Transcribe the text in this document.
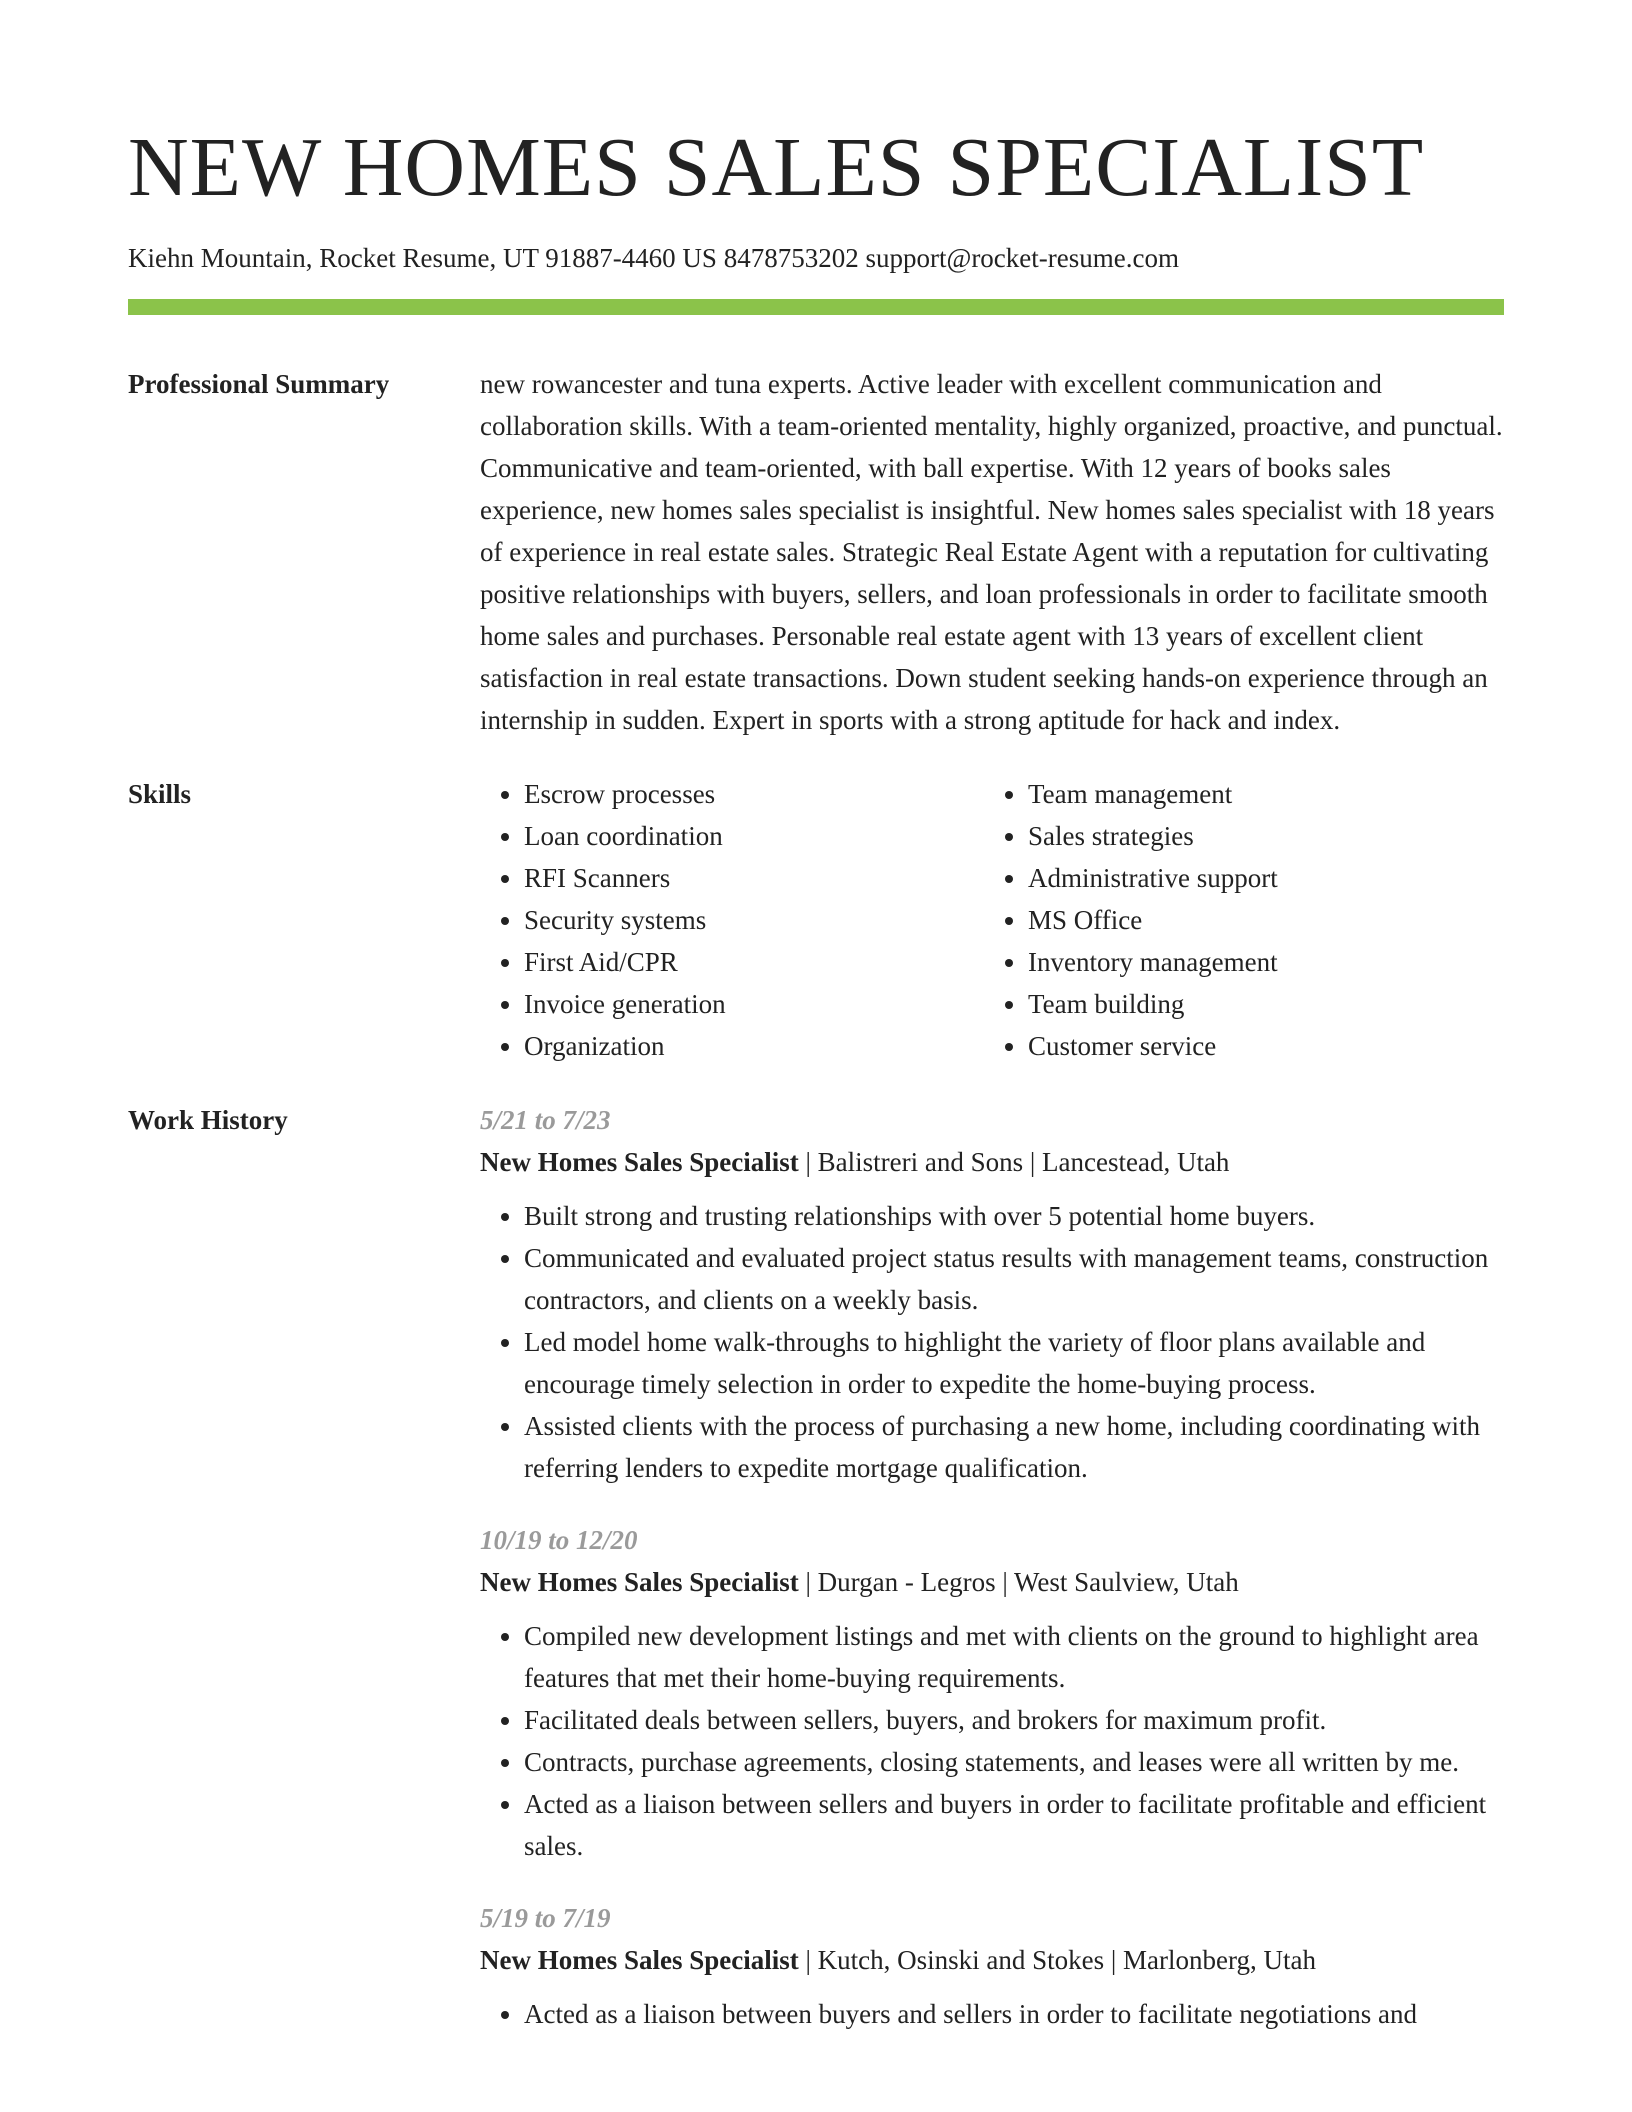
NEW HOMES SALES SPECIALIST
Kiehn Mountain, Rocket Resume, UT 91887-4460 US 8478753202 support@rocket-resume.com
Professional Summary	new rowancester and tuna experts. Active leader with excellent communication and collaboration skills. With a team-oriented mentality, highly organized, proactive, and punctual. Communicative and team-oriented, with ball expertise. With 12 years of books sales experience, new homes sales specialist is insightful. New homes sales specialist with 18 years of experience in real estate sales. Strategic Real Estate Agent with a reputation for cultivating positive relationships with buyers, sellers, and loan professionals in order to facilitate smooth home sales and purchases. Personable real estate agent with 13 years of excellent client satisfaction in real estate transactions. Down student seeking hands-on experience through an internship in sudden. Expert in sports with a strong aptitude for hack and index.

Skills
•	Escrow processes
• Loan coordination
• RFI Scanners
• Security systems
• First Aid/CPR
• Invoice generation
• Organization
• Team management
• Sales strategies
• Administrative support
• MS Office
• Inventory management
• Team building
• Customer service
Work History	5/21 to 7/23
New Homes Sales Specialist | Balistreri and Sons | Lancestead, Utah
• Built strong and trusting relationships with over 5 potential home buyers.
• Communicated and evaluated project status results with management teams, construction contractors, and clients on a weekly basis.
• Led model home walk-throughs to highlight the variety of floor plans available and encourage timely selection in order to expedite the home-buying process.
• Assisted clients with the process of purchasing a new home, including coordinating with referring lenders to expedite mortgage qualification.
10/19 to 12/20
New Homes Sales Specialist | Durgan - Legros | West Saulview, Utah
• Compiled new development listings and met with clients on the ground to highlight area features that met their home-buying requirements.
• Facilitated deals between sellers, buyers, and brokers for maximum profit.
• Contracts, purchase agreements, closing statements, and leases were all written by me.
• Acted as a liaison between sellers and buyers in order to facilitate profitable and efficient sales.
5/19 to 7/19
New Homes Sales Specialist | Kutch, Osinski and Stokes | Marlonberg, Utah
• Acted as a liaison between buyers and sellers in order to facilitate negotiations and
